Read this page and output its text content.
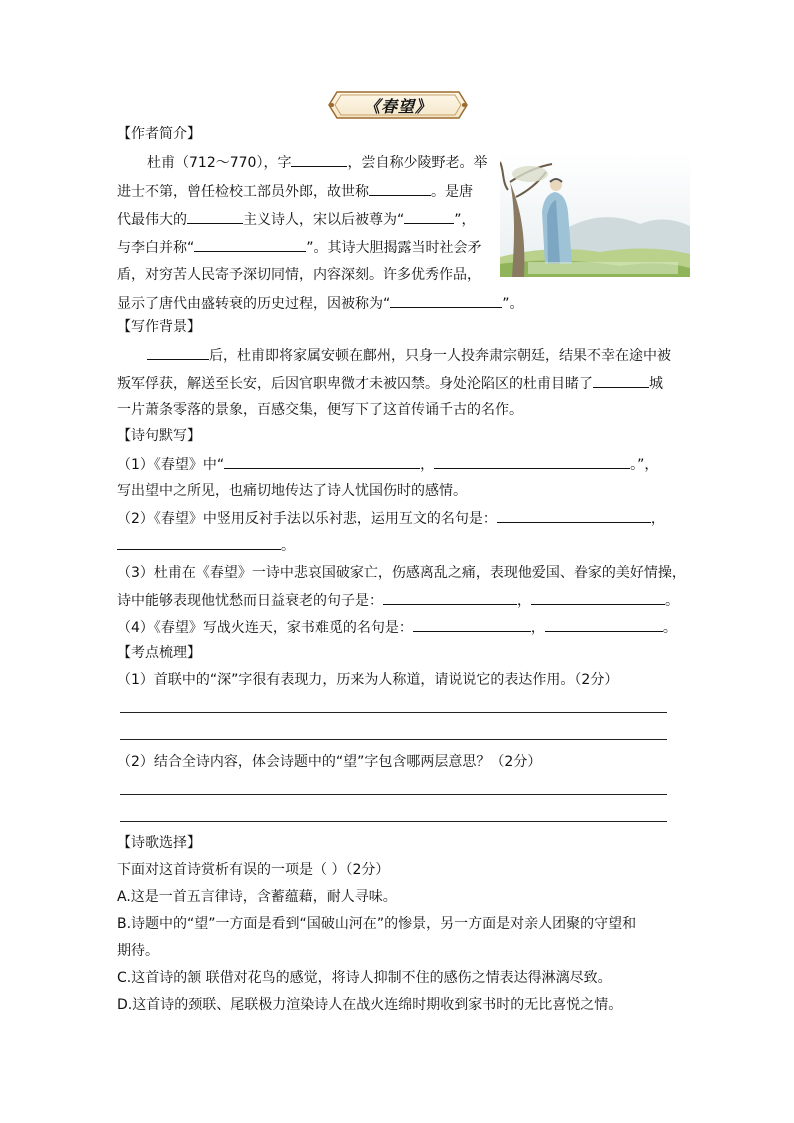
《春望》
【作者简介】
杜甫（712～770），字	，尝自称少陵野老。举
进士不第，曾任检校工部员外郎，故世称	。是唐
代最伟大的	主义诗人，宋以后被尊为“	”，
与李白并称“	”。其诗大胆揭露当时社会矛
盾，对穷苦人民寄予深切同情，内容深刻。许多优秀作品，
显示了唐代由盛转衰的历史过程，因被称为“	”。
【写作背景】
后，杜甫即将家属安顿在鄜州，只身一人投奔肃宗朝廷，结果不幸在途中被
叛军俘获，解送至长安，后因官职卑微才未被囚禁。身处沦陷区的杜甫目睹了	城
一片萧条零落的景象，百感交集，便写下了这首传诵千古的名作。
【诗句默写】
（1）《春望》中“	，	。”，
写出望中之所见，也痛切地传达了诗人忧国伤时的感情。
（2）《春望》中竖用反衬手法以乐衬悲，运用互文的名句是：	，
。
（3）杜甫在《春望》一诗中悲哀国破家亡，伤感离乱之痛，表现他爱国、眷家的美好情操，
诗中能够表现他忧愁而日益衰老的句子是：	，	。
（4）《春望》写战火连天，家书难觅的名句是：	，	。
【考点梳理】
（1）首联中的“深”字很有表现力，历来为人称道，请说说它的表达作用。（2分）
（2）结合全诗内容，体会诗题中的“望”字包含哪两层意思？（2分）
【诗歌选择】
下面对这首诗赏析有误的一项是（ ）（2分）
A.这是一首五言律诗，含蓄蕴藉，耐人寻味。
B.诗题中的“望”一方面是看到“国破山河在”的惨景，另一方面是对亲人团聚的守望和
期待。
C.这首诗的颔 联借对花鸟的感觉，将诗人抑制不住的感伤之情表达得淋漓尽致。
D.这首诗的颈联、尾联极力渲染诗人在战火连绵时期收到家书时的无比喜悦之情。
